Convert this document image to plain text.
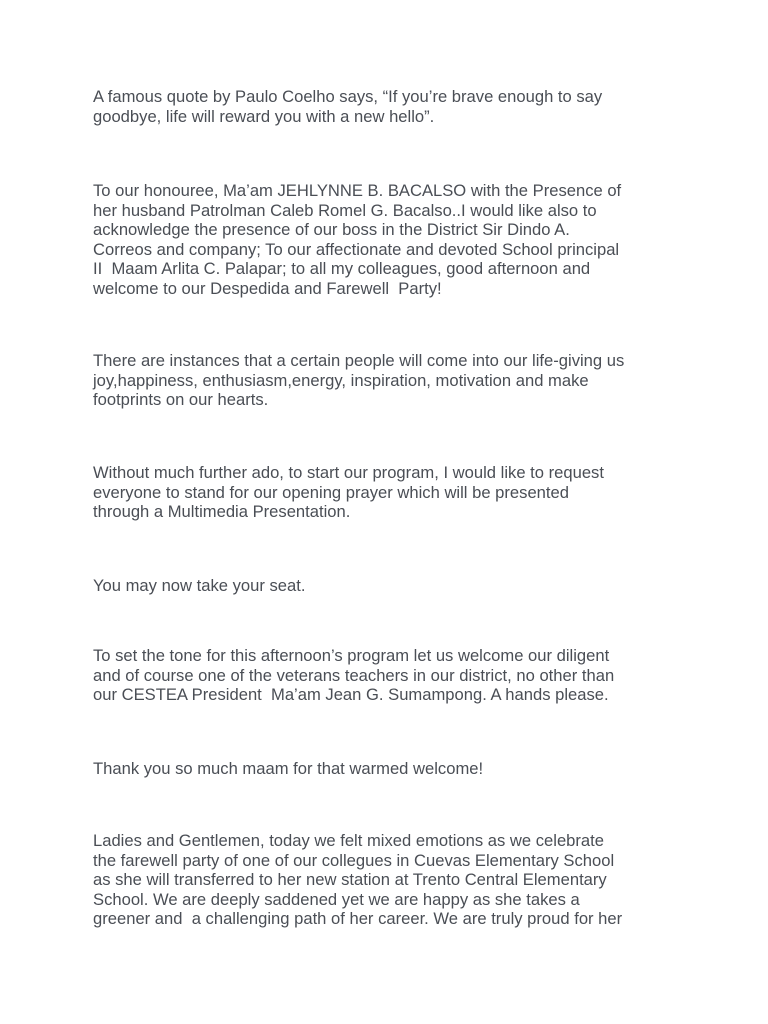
A famous quote by Paulo Coelho says, “If you’re brave enough to say
goodbye, life will reward you with a new hello”.

To our honouree, Ma’am JEHLYNNE B. BACALSO with the Presence of
her husband Patrolman Caleb Romel G. Bacalso..I would like also to
acknowledge the presence of our boss in the District Sir Dindo A.
Correos and company; To our affectionate and devoted School principal
II  Maam Arlita C. Palapar; to all my colleagues, good afternoon and
welcome to our Despedida and Farewell  Party!

There are instances that a certain people will come into our life-giving us
joy,happiness, enthusiasm,energy, inspiration, motivation and make
footprints on our hearts.

Without much further ado, to start our program, I would like to request
everyone to stand for our opening prayer which will be presented
through a Multimedia Presentation.

You may now take your seat.

To set the tone for this afternoon’s program let us welcome our diligent
and of course one of the veterans teachers in our district, no other than
our CESTEA President  Ma’am Jean G. Sumampong. A hands please.

Thank you so much maam for that warmed welcome!

Ladies and Gentlemen, today we felt mixed emotions as we celebrate
the farewell party of one of our collegues in Cuevas Elementary School
as she will transferred to her new station at Trento Central Elementary
School. We are deeply saddened yet we are happy as she takes a
greener and  a challenging path of her career. We are truly proud for her
